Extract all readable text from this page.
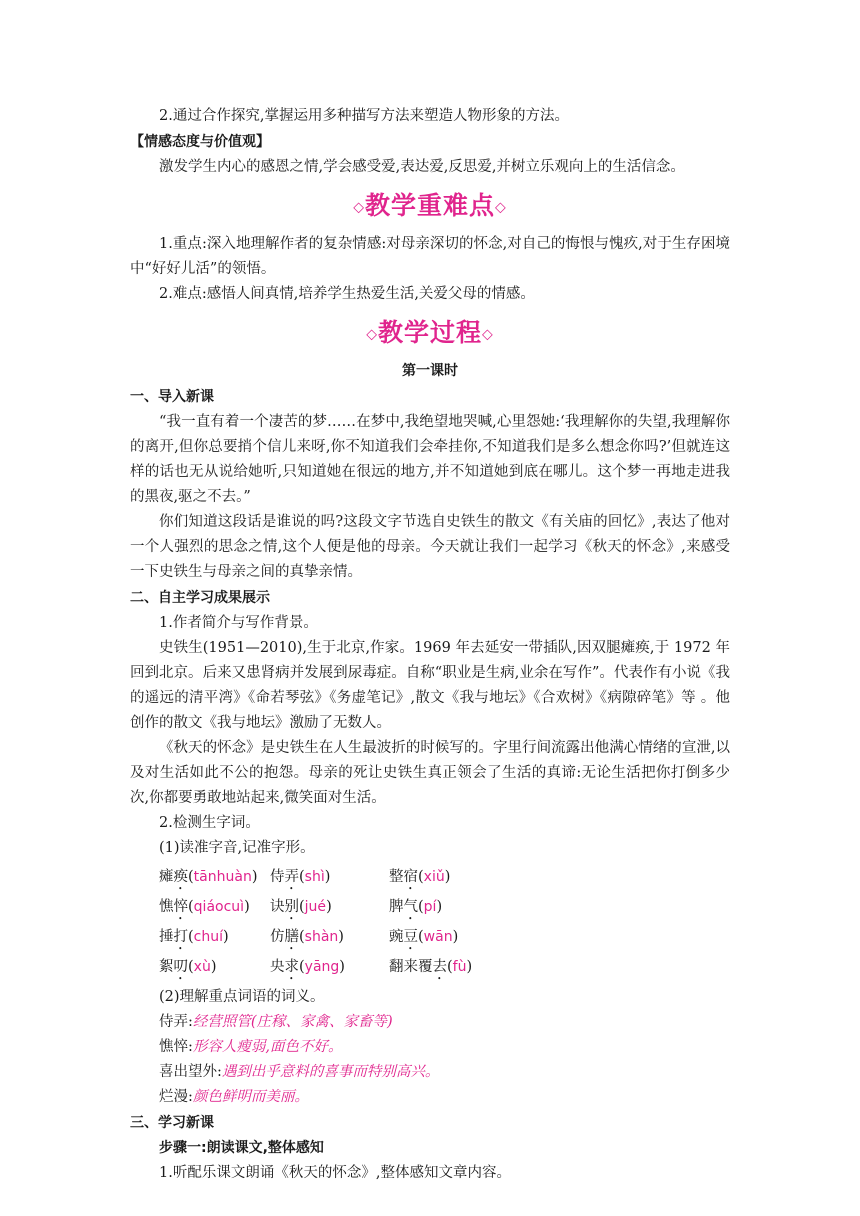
2.通过合作探究,掌握运用多种描写方法来塑造人物形象的方法。

【情感态度与价值观】

激发学生内心的感恩之情,学会感受爱,表达爱,反思爱,并树立乐观向上的生活信念。

◇教学重难点◇

1.重点:深入地理解作者的复杂情感:对母亲深切的怀念,对自己的悔恨与愧疚,对于生存困境中“好好儿活”的领悟。

2.难点:感悟人间真情,培养学生热爱生活,关爱父母的情感。

◇教学过程◇

第一课时

一、导入新课

“我一直有着一个凄苦的梦……在梦中,我绝望地哭喊,心里怨她:‘我理解你的失望,我理解你的离开,但你总要捎个信儿来呀,你不知道我们会牵挂你,不知道我们是多么想念你吗?’但就连这样的话也无从说给她听,只知道她在很远的地方,并不知道她到底在哪儿。这个梦一再地走进我的黑夜,驱之不去。”

你们知道这段话是谁说的吗?这段文字节选自史铁生的散文《有关庙的回忆》,表达了他对一个人强烈的思念之情,这个人便是他的母亲。今天就让我们一起学习《秋天的怀念》,来感受一下史铁生与母亲之间的真挚亲情。

二、自主学习成果展示

1.作者简介与写作背景。

史铁生(1951—2010),生于北京,作家。1969 年去延安一带插队,因双腿瘫痪,于 1972 年回到北京。后来又患肾病并发展到尿毒症。自称“职业是生病,业余在写作”。代表作有小说《我的遥远的清平湾》《命若琴弦》《务虚笔记》,散文《我与地坛》《合欢树》《病隙碎笔》等 。他创作的散文《我与地坛》激励了无数人。

《秋天的怀念》是史铁生在人生最波折的时候写的。字里行间流露出他满心情绪的宣泄,以及对生活如此不公的抱怨。母亲的死让史铁生真正领会了生活的真谛:无论生活把你打倒多少次,你都要勇敢地站起来,微笑面对生活。

2.检测生字词。

(1)读准字音,记准字形。

瘫痪(tānhuàn) 侍弄(shì)	整宿(xiǔ)
憔悴(qiáocuì)	诀别(jué)	脾气(pí)
捶打(chuí)	仿膳(shàn)	豌豆(wān)
絮叨(xù)	央求(yāng)	翻来覆去(fù)

(2)理解重点词语的词义。

侍弄:经营照管(庄稼、家禽、家畜等)

憔悴:形容人瘦弱,面色不好。

喜出望外:遇到出乎意料的喜事而特别高兴。

烂漫:颜色鲜明而美丽。

三、学习新课

步骤一:朗读课文,整体感知

1.听配乐课文朗诵《秋天的怀念》,整体感知文章内容。
